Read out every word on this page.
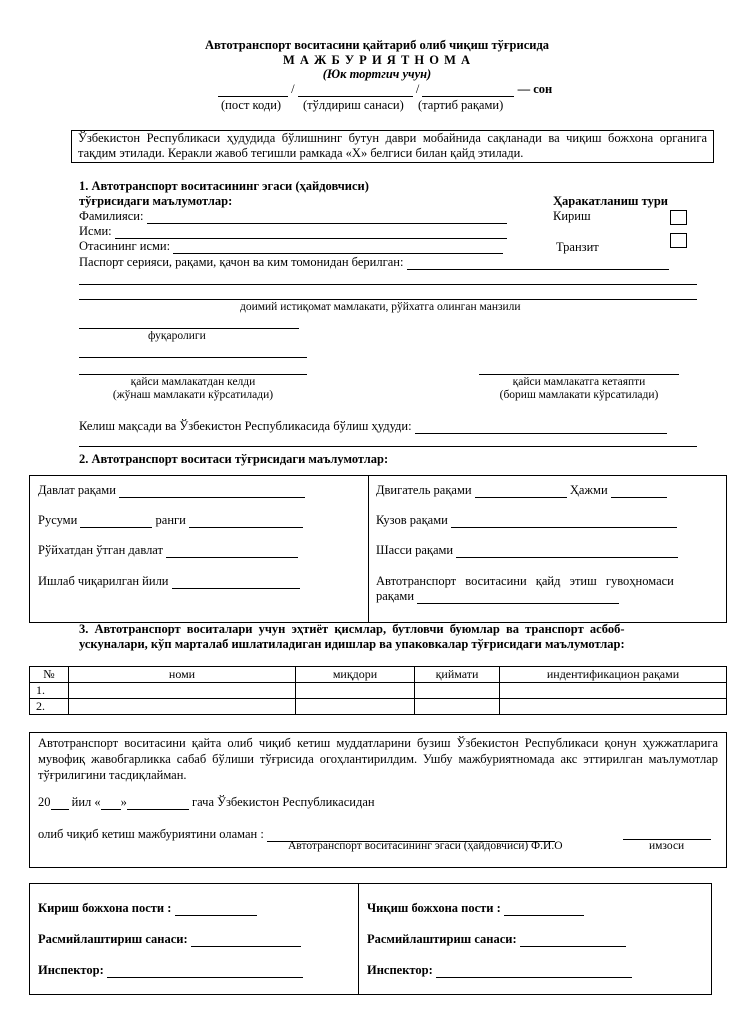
Автотранспорт воситасини қайтариб олиб чиқиш тўғрисида
М А Ж Б У Р И Я Т Н О М А
(Юк тортгич учун)
/	/	— сон
(пост коди) (тўлдириш санаси) (тартиб рақами)
Ўзбекистон Республикаси ҳудудида бўлишнинг бутун даври мобайнида сақланади ва чиқиш божхона органига тақдим этилади. Керакли жавоб тегишли рамкада «Х» белгиси билан қайд этилади.
1. Автотранспорт воситасининг эгаси (ҳайдовчиси)
тўғрисидаги маълумотлар:	Ҳаракатланиш тури
Кириш
Транзит
Фамилияси:
Исми:
Отасининг исми:
Паспорт серияси, рақами, қачон ва ким томонидан берилган:
доимий истиқомат мамлакати, рўйхатга олинган манзили
фуқаролиги
қайси мамлакатдан келди
(жўнаш мамлакати кўрсатилади)
қайси мамлакатга кетаяпти
(бориш мамлакати кўрсатилади)
Келиш мақсади ва Ўзбекистон Республикасида бўлиш ҳудуди:
2. Автотранспорт воситаси тўғрисидаги маълумотлар:
Давлат рақами
Русуми	ранги
Рўйхатдан ўтган давлат
Ишлаб чиқарилган йили
Двигатель рақами	Ҳажми
Кузов рақами
Шасси рақами
Автотранспорт воситасини қайд этиш гувоҳномаси
рақами
3. Автотранспорт воситалари учун эҳтиёт қисмлар, бутловчи буюмлар ва транспорт асбоб-
ускуналари, кўп марталаб ишлатиладиган идишлар ва упаковкалар тўғрисидаги маълумотлар:
№	номи	миқдори	қиймати	индентификацион рақами
1.				
2.				
Автотранспорт воситасини қайта олиб чиқиб кетиш муддатларини бузиш Ўзбекистон Республикаси қонун ҳужжатларига мувофиқ жавобгарликка сабаб бўлиши тўғрисида огоҳлантирилдим. Ушбу мажбуриятномада акс эттирилган маълумотлар тўғрилигини тасдиқлайман.
20 йил « »	гача Ўзбекистон Республикасидан
олиб чиқиб кетиш мажбуриятини оламан :
Автотранспорт воситасининг эгаси (ҳайдовчиси) Ф.И.О	имзоси
Кириш божхона пости :
Расмийлаштириш санаси:
Инспектор:
Чиқиш божхона пости :
Расмийлаштириш санаси:
Инспектор:
